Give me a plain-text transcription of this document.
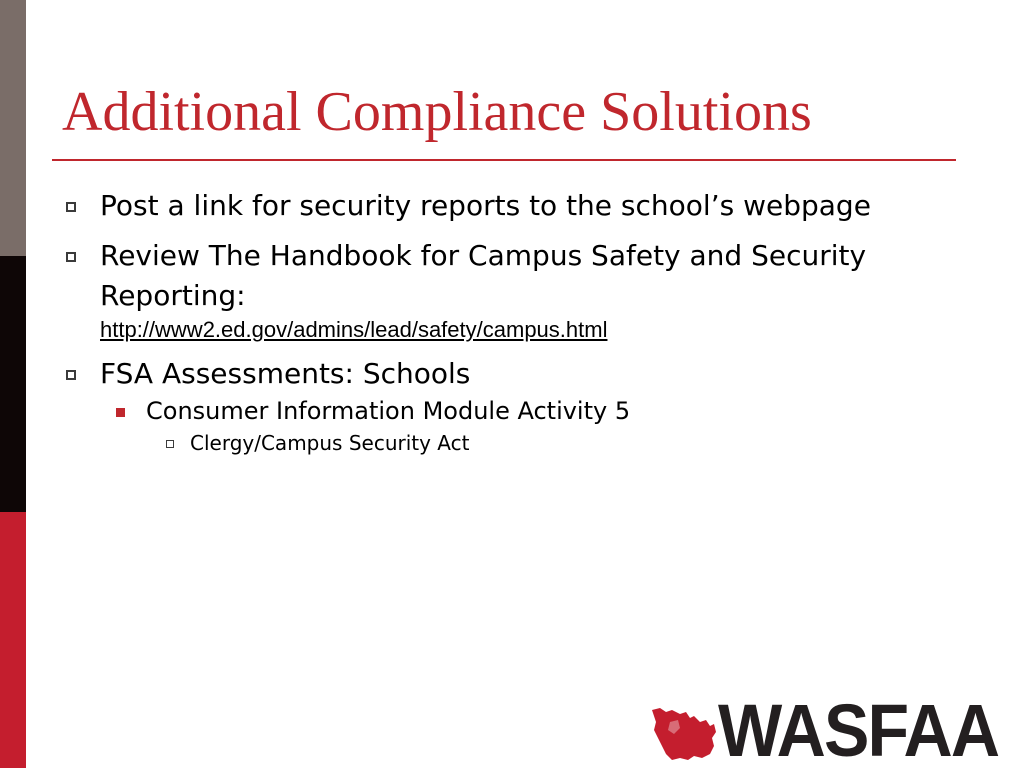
Additional Compliance Solutions
Post a link for security reports to the school’s webpage
Review The Handbook for Campus Safety and Security Reporting:
http://www2.ed.gov/admins/lead/safety/campus.html
FSA Assessments: Schools
Consumer Information Module Activity 5
Clergy/Campus Security Act
WASFAA
